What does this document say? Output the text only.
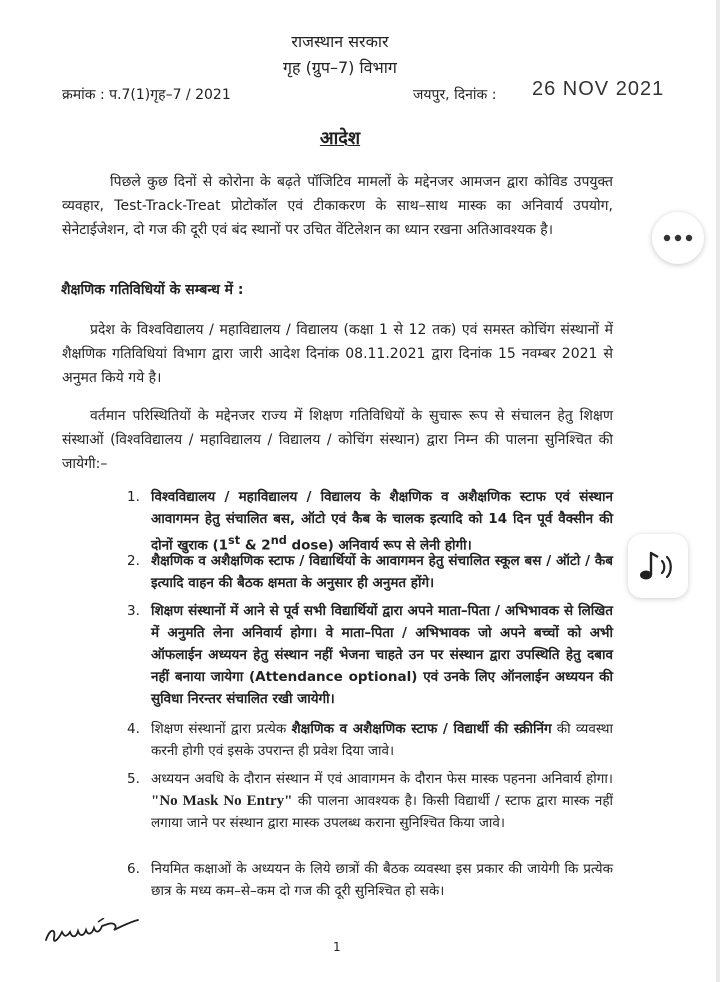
राजस्थान सरकार
गृह (ग्रुप–7) विभाग
क्रमांक : प.7(1)गृह–7 / 2021	जयपुर, दिनांक : 26 NOV 2021
आदेश

पिछले कुछ दिनों से कोरोना के बढ़ते पॉजिटिव मामलों के मद्देनजर आमजन द्वारा कोविड उपयुक्त व्यवहार, Test-Track-Treat प्रोटोकॉल एवं टीकाकरण के साथ–साथ मास्क का अनिवार्य उपयोग, सेनेटाईजेशन, दो गज की दूरी एवं बंद स्थानों पर उचित वेंटिलेशन का ध्यान रखना अतिआवश्यक है।

शैक्षणिक गतिविधियों के सम्बन्ध में :

प्रदेश के विश्वविद्यालय / महाविद्यालय / विद्यालय (कक्षा 1 से 12 तक) एवं समस्त कोचिंग संस्थानों में शैक्षणिक गतिविधियां विभाग द्वारा जारी आदेश दिनांक 08.11.2021 द्वारा दिनांक 15 नवम्बर 2021 से अनुमत किये गये है।

वर्तमान परिस्थितियों के मद्देनजर राज्य में शिक्षण गतिविधियों के सुचारू रूप से संचालन हेतु शिक्षण संस्थाओं (विश्वविद्यालय / महाविद्यालय / विद्यालय / कोचिंग संस्थान) द्वारा निम्न की पालना सुनिश्चित की जायेगी:–

1. विश्वविद्यालय / महाविद्यालय / विद्यालय के शैक्षणिक व अशैक्षणिक स्टाफ एवं संस्थान आवागमन हेतु संचालित बस, ऑटो एवं कैब के चालक इत्यादि को 14 दिन पूर्व वैक्सीन की दोनों खुराक (1st & 2nd dose) अनिवार्य रूप से लेनी होगी।
2. शैक्षणिक व अशैक्षणिक स्टाफ / विद्यार्थियों के आवागमन हेतु संचालित स्कूल बस / ऑटो / कैब इत्यादि वाहन की बैठक क्षमता के अनुसार ही अनुमत होंगे।
3. शिक्षण संस्थानों में आने से पूर्व सभी विद्यार्थियों द्वारा अपने माता–पिता / अभिभावक से लिखित में अनुमति लेना अनिवार्य होगा। वे माता–पिता / अभिभावक जो अपने बच्चों को अभी ऑफलाईन अध्ययन हेतु संस्थान नहीं भेजना चाहते उन पर संस्थान द्वारा उपस्थिति हेतु दबाव नहीं बनाया जायेगा (Attendance optional) एवं उनके लिए ऑनलाईन अध्ययन की सुविधा निरन्तर संचालित रखी जायेगी।
4. शिक्षण संस्थानों द्वारा प्रत्येक शैक्षणिक व अशैक्षणिक स्टाफ / विद्यार्थी की स्क्रीनिंग की व्यवस्था करनी होगी एवं इसके उपरान्त ही प्रवेश दिया जावे।
5. अध्ययन अवधि के दौरान संस्थान में एवं आवागमन के दौरान फेस मास्क पहनना अनिवार्य होगा। "No Mask No Entry" की पालना आवश्यक है। किसी विद्यार्थी / स्टाफ द्वारा मास्क नहीं लगाया जाने पर संस्थान द्वारा मास्क उपलब्ध कराना सुनिश्चित किया जावे।
6. नियमित कक्षाओं के अध्ययन के लिये छात्रों की बैठक व्यवस्था इस प्रकार की जायेगी कि प्रत्येक छात्र के मध्य कम–से–कम दो गज की दूरी सुनिश्चित हो सके।
1
